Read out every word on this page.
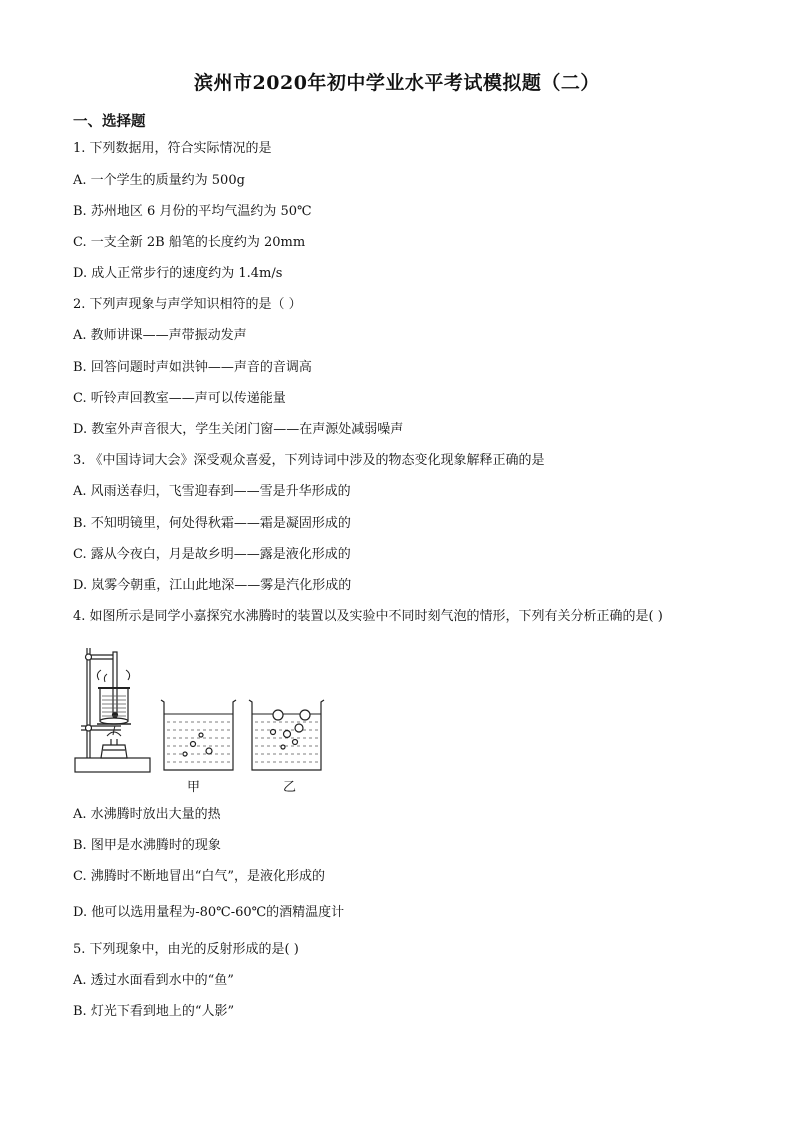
滨州市2020年初中学业水平考试模拟题（二）
一、选择题
1. 下列数据用，符合实际情况的是
A. 一个学生的质量约为 500g
B. 苏州地区 6 月份的平均气温约为 50℃
C. 一支全新 2B 船笔的长度约为 20mm
D. 成人正常步行的速度约为 1.4m/s
2. 下列声现象与声学知识相符的是（ ）
A. 教师讲课——声带振动发声
B. 回答问题时声如洪钟——声音的音调高
C. 听铃声回教室——声可以传递能量
D. 教室外声音很大，学生关闭门窗——在声源处减弱噪声
3. 《中国诗词大会》深受观众喜爱，下列诗词中涉及的物态变化现象解释正确的是
A. 风雨送春归，飞雪迎春到——雪是升华形成的
B. 不知明镜里，何处得秋霜——霜是凝固形成的
C. 露从今夜白，月是故乡明——露是液化形成的
D. 岚雾今朝重，江山此地深——雾是汽化形成的
4. 如图所示是同学小嘉探究水沸腾时的装置以及实验中不同时刻气泡的情形，下列有关分析正确的是( )
甲	乙
A. 水沸腾时放出大量的热
B. 图甲是水沸腾时的现象
C. 沸腾时不断地冒出“白气”，是液化形成的
D. 他可以选用量程为-80℃-60℃的酒精温度计
5. 下列现象中，由光的反射形成的是( )
A. 透过水面看到水中的“鱼”
B. 灯光下看到地上的“人影”
